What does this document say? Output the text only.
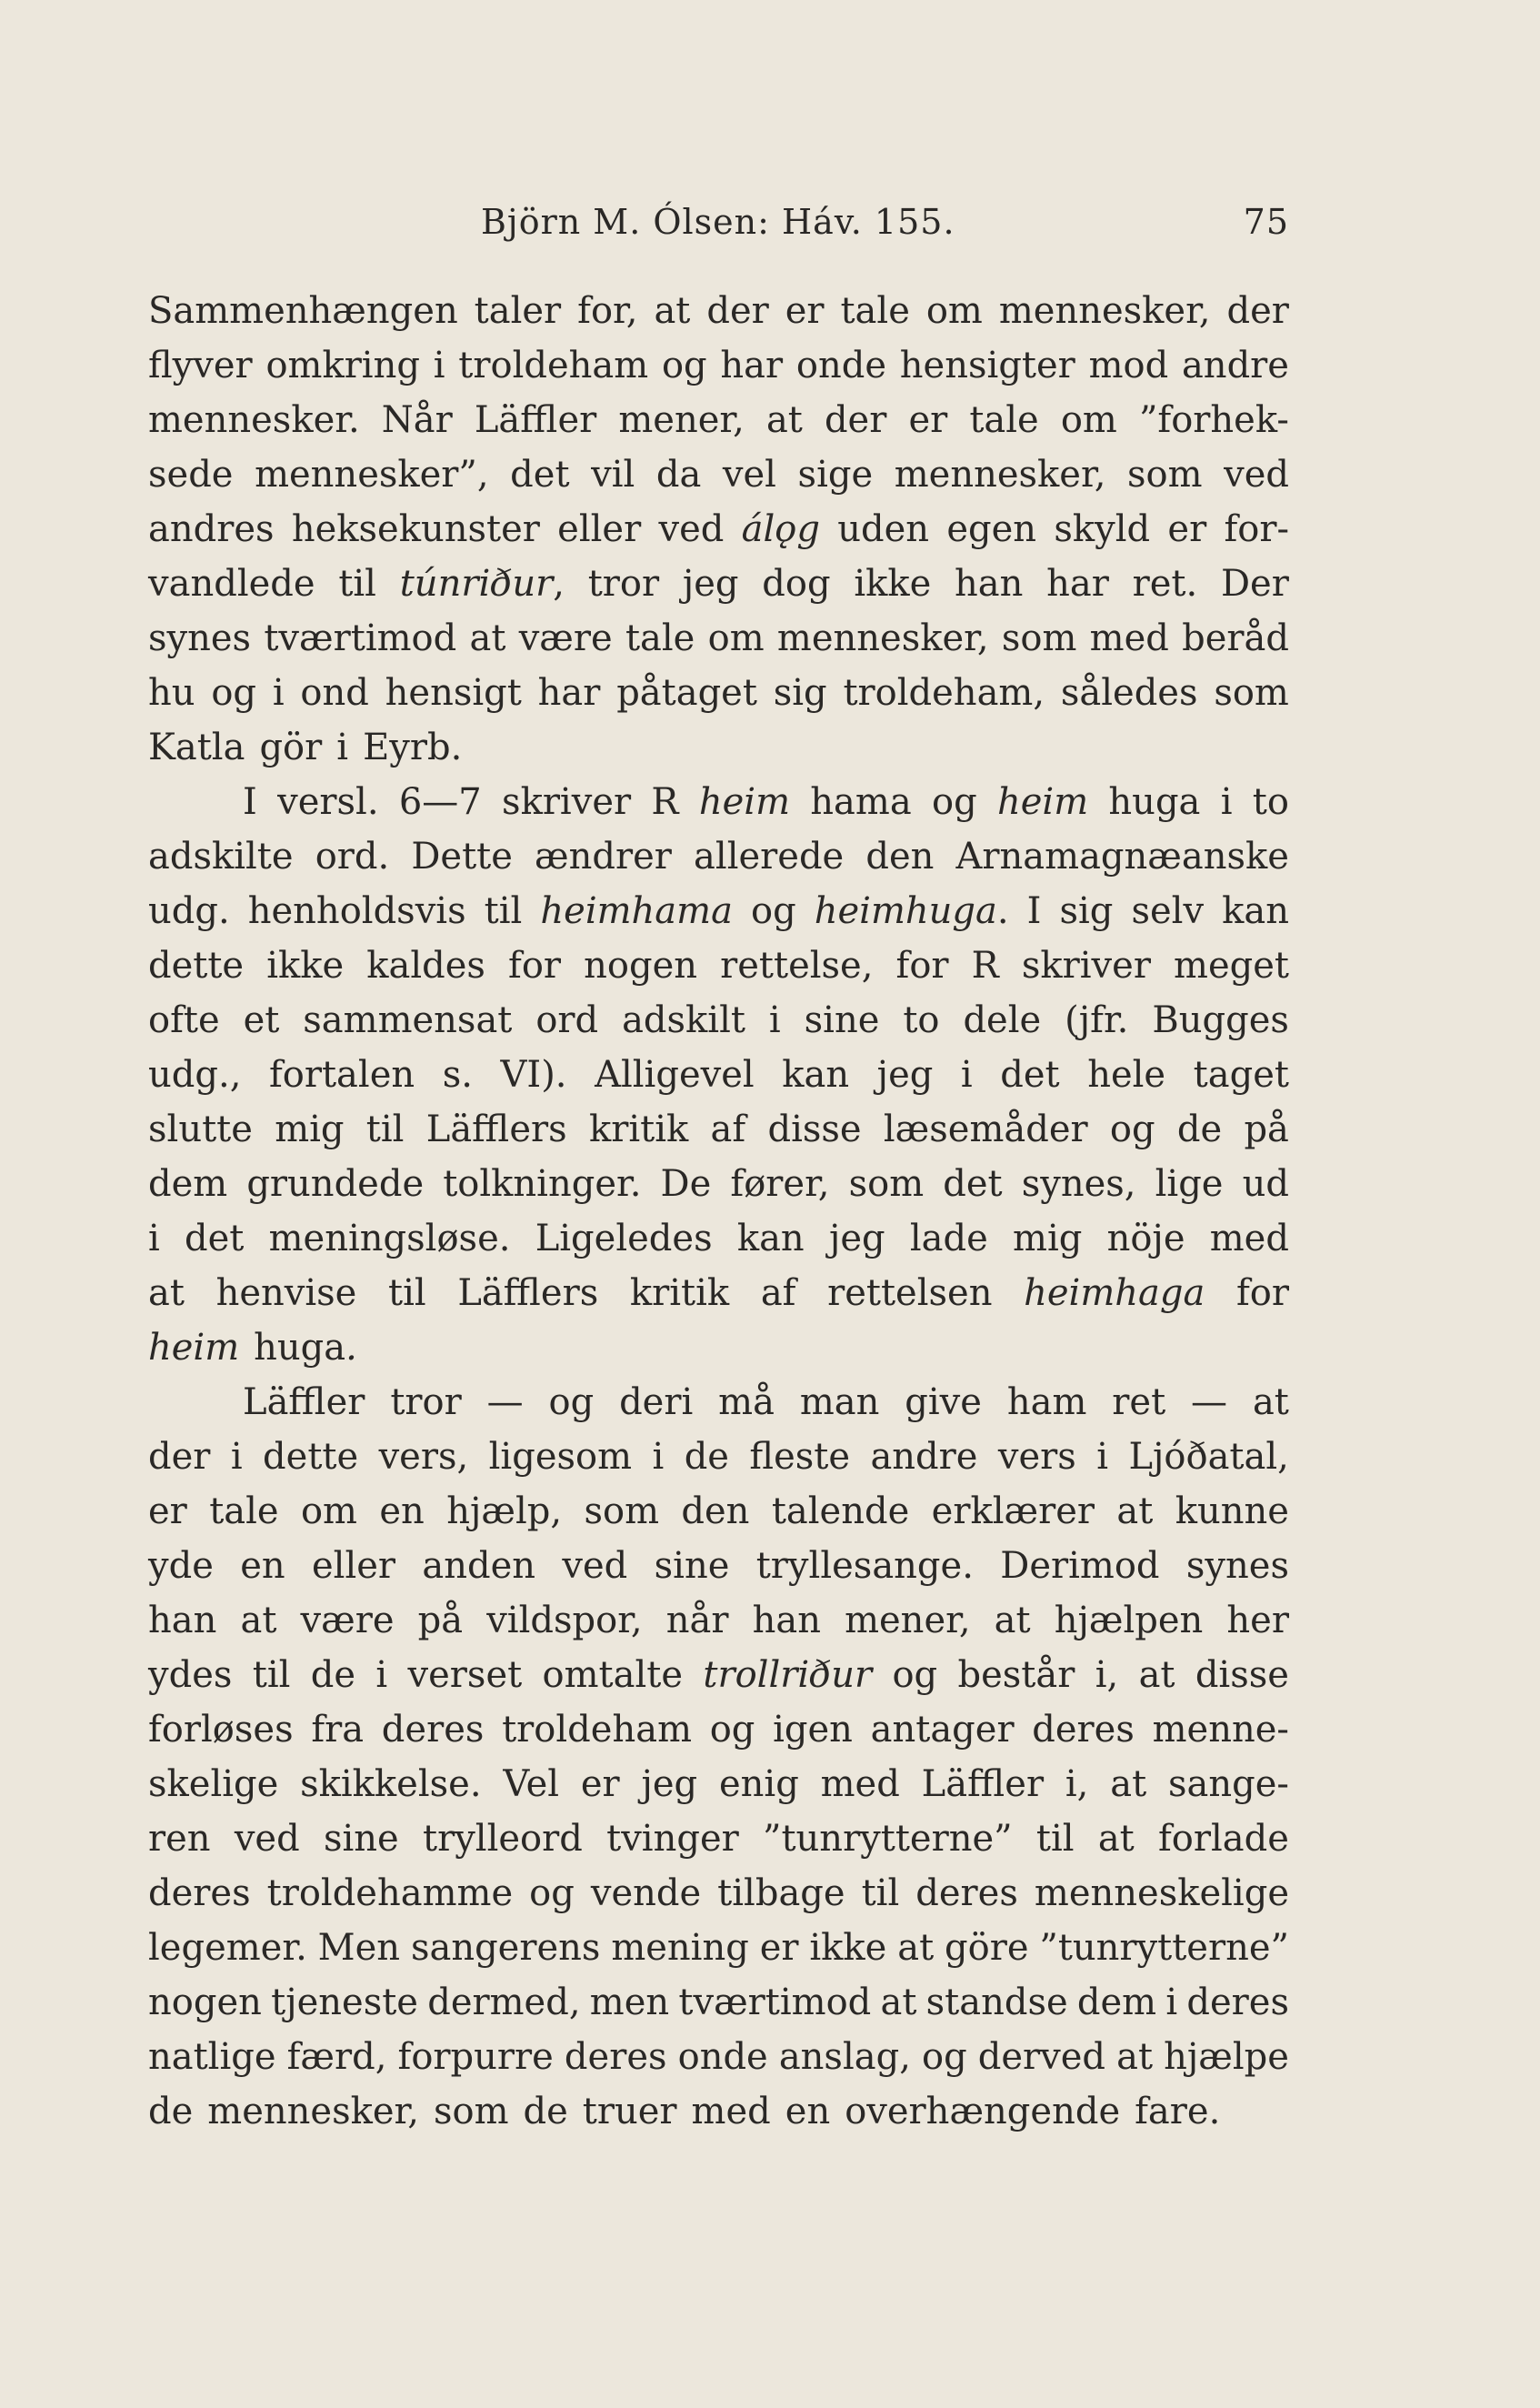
Björn M. Ólsen: Háv. 155.	75
Sammenhængen taler for, at der er tale om mennesker, der
flyver omkring i troldeham og har onde hensigter mod andre
mennesker. Når Läffler mener, at der er tale om ”forhek-
sede mennesker”, det vil da vel sige mennesker, som ved
andres heksekunster eller ved álǫg uden egen skyld er for-
vandlede til túnriður, tror jeg dog ikke han har ret. Der
synes tværtimod at være tale om mennesker, som med beråd
hu og i ond hensigt har påtaget sig troldeham, således som
Katla gör i Eyrb.
I versl. 6—7 skriver R heim hama og heim huga i to
adskilte ord. Dette ændrer allerede den Arnamagnæanske
udg. henholdsvis til heimhama og heimhuga. I sig selv kan
dette ikke kaldes for nogen rettelse, for R skriver meget
ofte et sammensat ord adskilt i sine to dele (jfr. Bugges
udg., fortalen s. VI). Alligevel kan jeg i det hele taget
slutte mig til Läfflers kritik af disse læsemåder og de på
dem grundede tolkninger. De fører, som det synes, lige ud
i det meningsløse. Ligeledes kan jeg lade mig nöje med
at henvise til Läfflers kritik af rettelsen heimhaga for
heim huga.
Läffler tror — og deri må man give ham ret — at
der i dette vers, ligesom i de fleste andre vers i Ljóðatal,
er tale om en hjælp, som den talende erklærer at kunne
yde en eller anden ved sine tryllesange. Derimod synes
han at være på vildspor, når han mener, at hjælpen her
ydes til de i verset omtalte trollriður og består i, at disse
forløses fra deres troldeham og igen antager deres menne-
skelige skikkelse. Vel er jeg enig med Läffler i, at sange-
ren ved sine trylleord tvinger ”tunrytterne” til at forlade
deres troldehamme og vende tilbage til deres menneskelige
legemer. Men sangerens mening er ikke at göre ”tunrytterne”
nogen tjeneste dermed, men tværtimod at standse dem i deres
natlige færd, forpurre deres onde anslag, og derved at hjælpe
de mennesker, som de truer med en overhængende fare.
